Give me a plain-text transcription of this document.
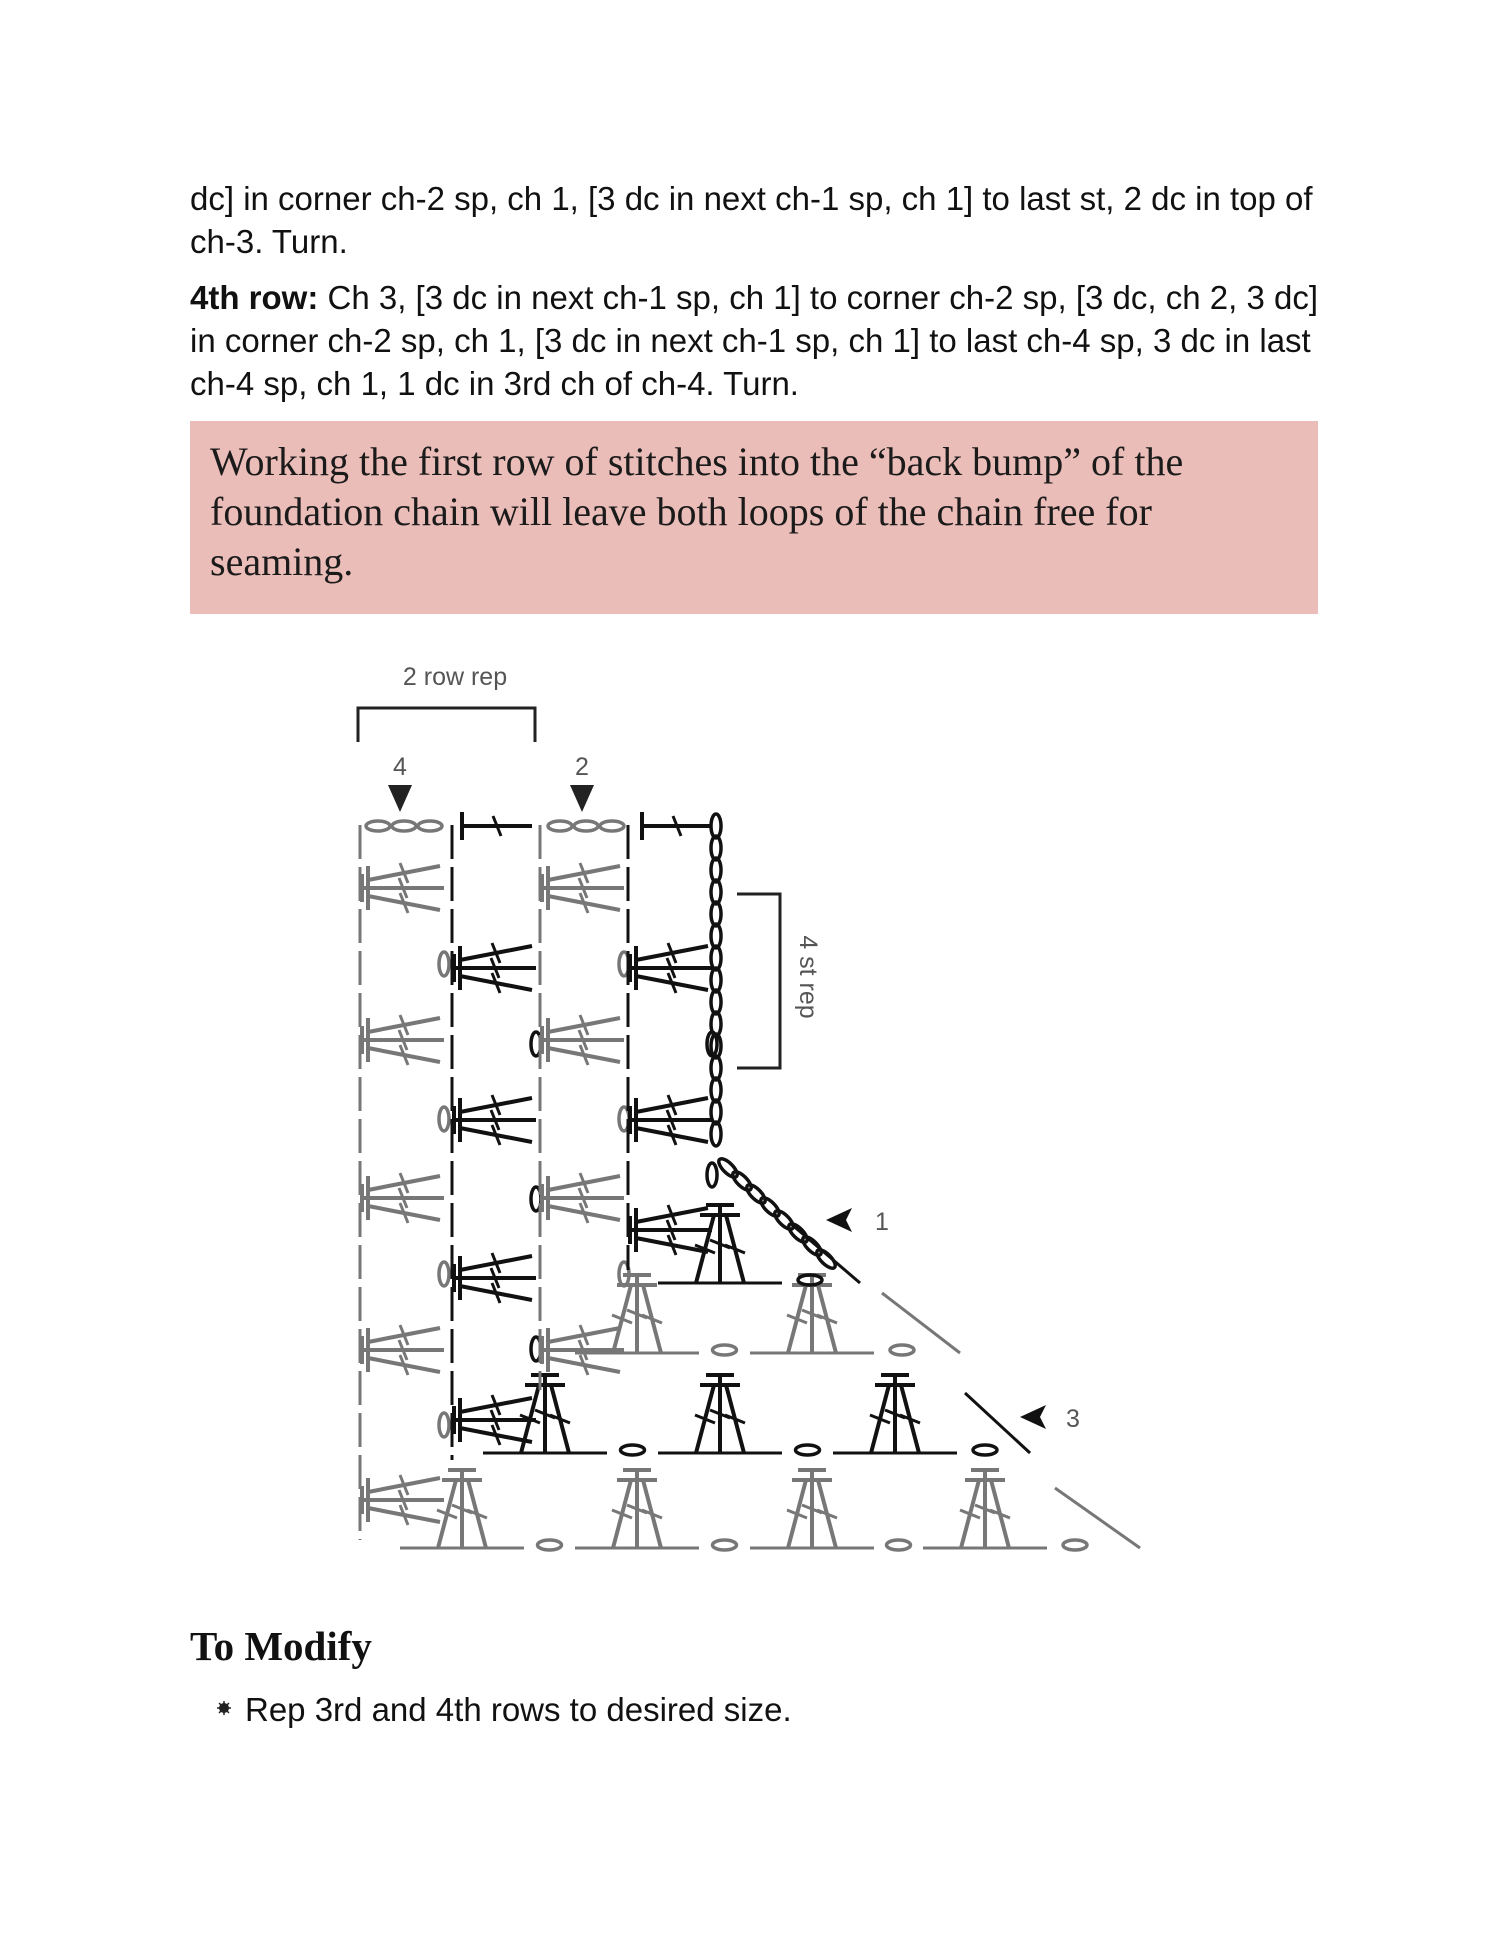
dc] in corner ch-2 sp, ch 1, [3 dc in next ch-1 sp, ch 1] to last st, 2 dc in top of ch-3. Turn.

4th row: Ch 3, [3 dc in next ch-1 sp, ch 1] to corner ch-2 sp, [3 dc, ch 2, 3 dc] in corner ch-2 sp, ch 1, [3 dc in next ch-1 sp, ch 1] to last ch-4 sp, 3 dc in last ch-4 sp, ch 1, 1 dc in 3rd ch of ch-4. Turn.

Working the first row of stitches into the “back bump” of the foundation chain will leave both loops of the chain free for seaming.
2 row rep
4	2
4 st rep
1
3
To Modify
Rep 3rd and 4th rows to desired size.
